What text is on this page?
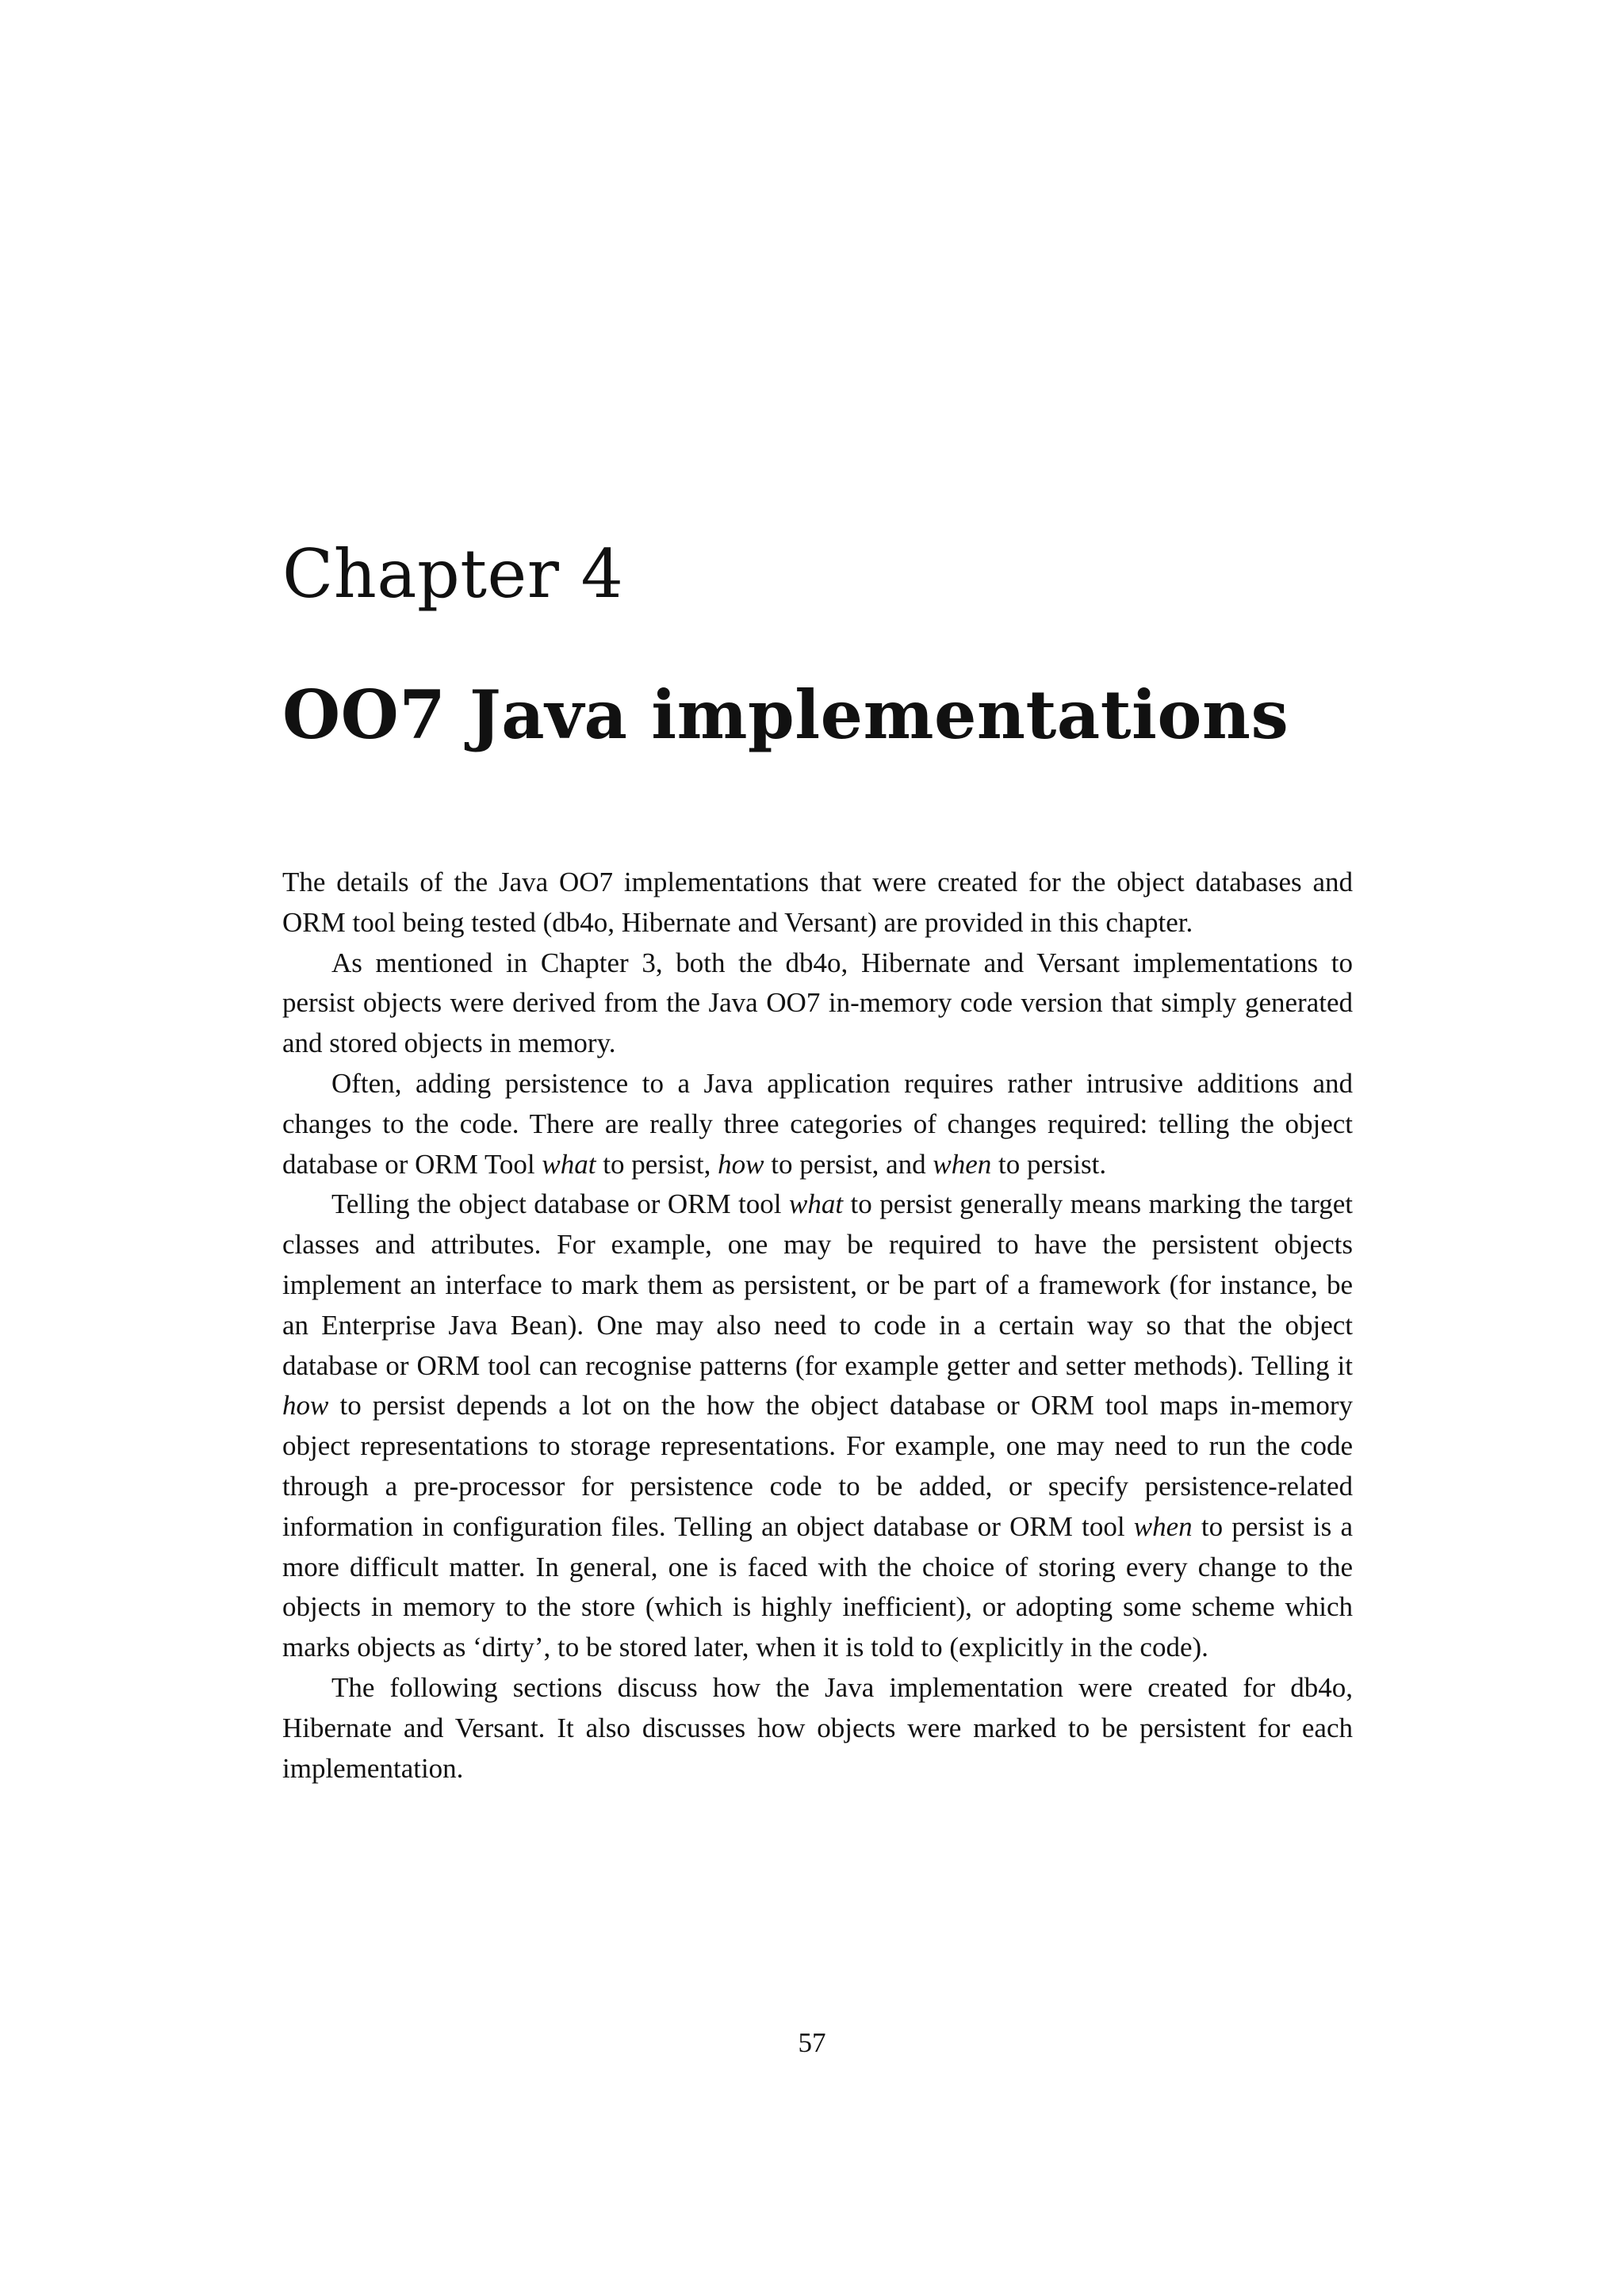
Chapter 4
OO7 Java implementations

The details of the Java OO7 implementations that were created for the object databases and ORM tool being tested (db4o, Hibernate and Versant) are provided in this chapter.

As mentioned in Chapter 3, both the db4o, Hibernate and Versant implementations to persist objects were derived from the Java OO7 in-memory code version that simply generated and stored objects in memory.

Often, adding persistence to a Java application requires rather intrusive additions and changes to the code. There are really three categories of changes required: telling the object database or ORM Tool what to persist, how to persist, and when to persist.

Telling the object database or ORM tool what to persist generally means marking the target classes and attributes. For example, one may be required to have the persistent objects implement an interface to mark them as persistent, or be part of a framework (for instance, be an Enterprise Java Bean). One may also need to code in a certain way so that the object database or ORM tool can recognise patterns (for example getter and setter methods). Telling it how to persist depends a lot on the how the object database or ORM tool maps in-memory object representations to storage representations. For example, one may need to run the code through a pre-processor for persistence code to be added, or specify persistence-related information in configuration files. Telling an object database or ORM tool when to persist is a more difficult matter. In general, one is faced with the choice of storing every change to the objects in memory to the store (which is highly inefficient), or adopting some scheme which marks objects as ‘dirty’, to be stored later, when it is told to (explicitly in the code).

The following sections discuss how the Java implementation were created for db4o, Hibernate and Versant. It also discusses how objects were marked to be persistent for each implementation.

57
